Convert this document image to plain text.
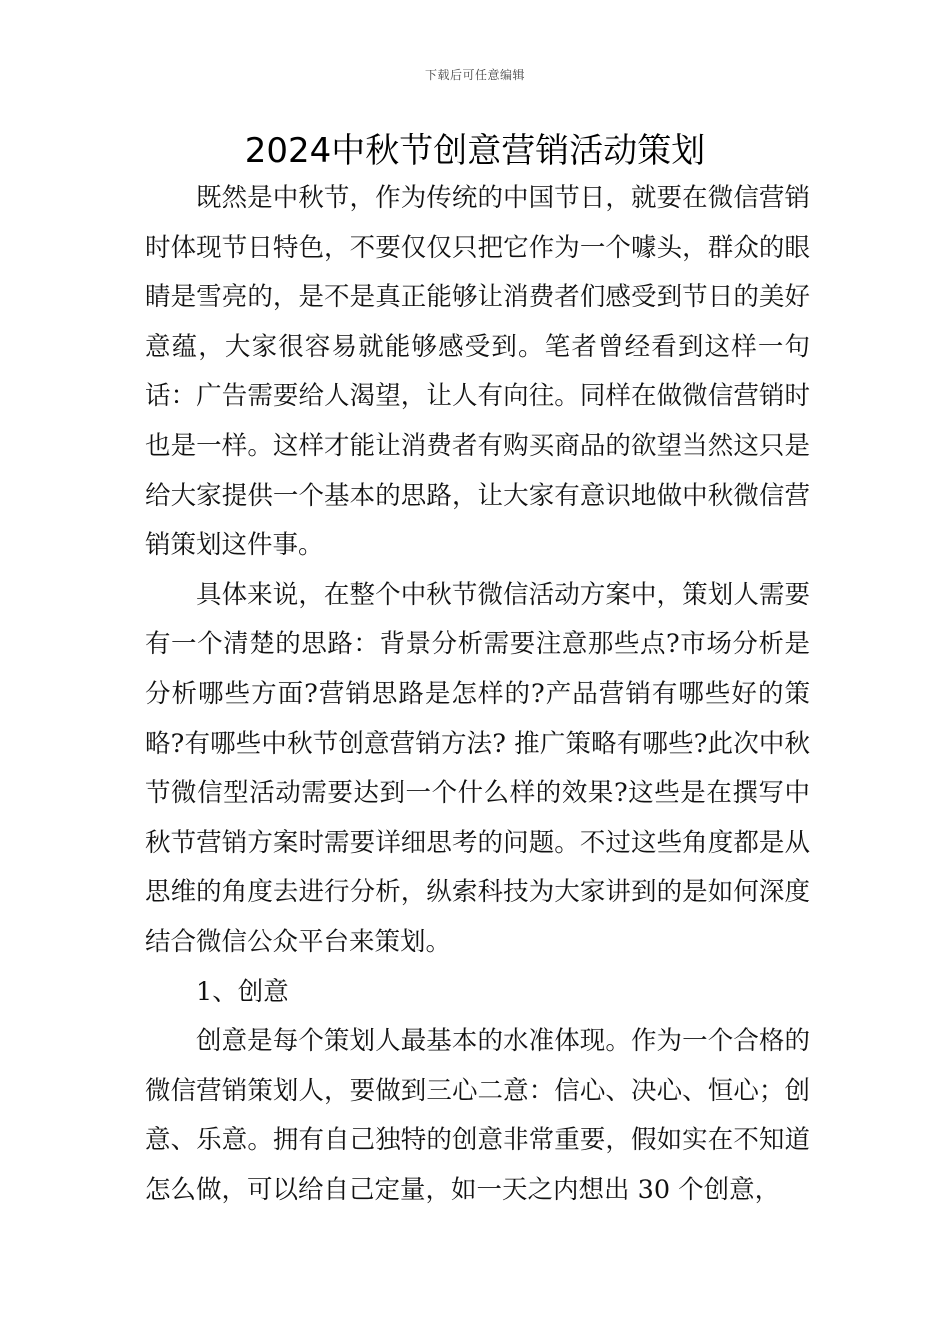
下载后可任意编辑
2024中秋节创意营销活动策划

既然是中秋节，作为传统的中国节日，就要在微信营销时体现节日特色，不要仅仅只把它作为一个噱头，群众的眼睛是雪亮的，是不是真正能够让消费者们感受到节日的美好意蕴，大家很容易就能够感受到。笔者曾经看到这样一句话：广告需要给人渴望，让人有向往。同样在做微信营销时也是一样。这样才能让消费者有购买商品的欲望当然这只是给大家提供一个基本的思路，让大家有意识地做中秋微信营销策划这件事。

具体来说，在整个中秋节微信活动方案中，策划人需要有一个清楚的思路：背景分析需要注意那些点?市场分析是分析哪些方面?营销思路是怎样的?产品营销有哪些好的策略?有哪些中秋节创意营销方法? 推广策略有哪些?此次中秋节微信型活动需要达到一个什么样的效果?这些是在撰写中秋节营销方案时需要详细思考的问题。不过这些角度都是从思维的角度去进行分析，纵索科技为大家讲到的是如何深度结合微信公众平台来策划。

1、创意

创意是每个策划人最基本的水准体现。作为一个合格的微信营销策划人，要做到三心二意：信心、决心、恒心；创意、乐意。拥有自己独特的创意非常重要，假如实在不知道怎么做，可以给自己定量，如一天之内想出 30 个创意，
